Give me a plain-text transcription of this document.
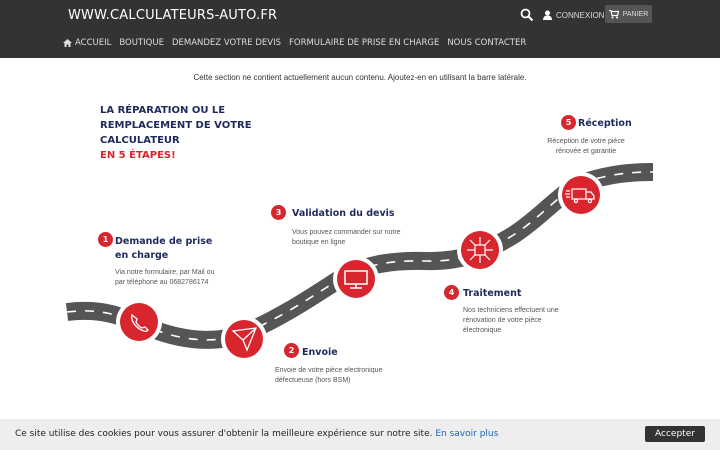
WWW.CALCULATEURS-AUTO.FR	CONNEXION	PANIER
ACCUEIL BOUTIQUE DEMANDEZ VOTRE DEVIS FORMULAIRE DE PRISE EN CHARGE NOUS CONTACTER
Cette section ne contient actuellement aucun contenu. Ajoutez-en en utilisant la barre latérale.
LA RÉPARATION OU LE
REMPLACEMENT DE VOTRE
CALCULATEUR
EN 5 ÉTAPES!
1 Demande de prise
en charge
Via notre formulaire, par Mail ou
par téléphone au 0682786174
2 Envoie
Envoie de votre pièce electronique
défectueuse (hors BSM)
3	Validation du devis
Vous pouvez commander sur notre
boutique en ligne
4 Traitement
Nos techniciens effectuent une
rénovation de votre pièce
électronique
5 Réception
Réception de votre pièce
rénovée et garantie
Ce site utilise des cookies pour vous assurer d'obtenir la meilleure expérience sur notre site. En savoir plus	Accepter
